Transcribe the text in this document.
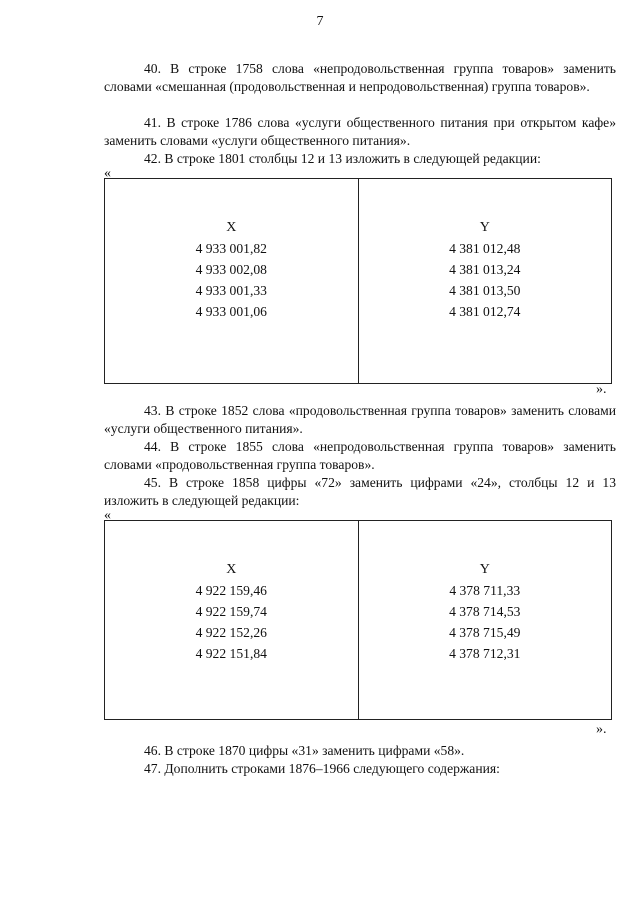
7

40. В строке 1758 слова «непродовольственная группа товаров» заменить словами «смешанная (продовольственная и непродовольственная) группа товаров».

41. В строке 1786 слова «услуги общественного питания при открытом кафе» заменить словами «услуги общественного питания».

42. В строке 1801 столбцы 12 и 13 изложить в следующей редакции:

«
X
4 933 001,82
4 933 002,08
4 933 001,33
4 933 001,06
Y
4 381 012,48
4 381 013,24
4 381 013,50
4 381 012,74
».

43. В строке 1852 слова «продовольственная группа товаров» заменить словами «услуги общественного питания».

44. В строке 1855 слова «непродовольственная группа товаров» заменить словами «продовольственная группа товаров».

45. В строке 1858 цифры «72» заменить цифрами «24», столбцы 12 и 13 изложить в следующей редакции:

«
X
4 922 159,46
4 922 159,74
4 922 152,26
4 922 151,84
Y
4 378 711,33
4 378 714,53
4 378 715,49
4 378 712,31
».

46. В строке 1870 цифры «31» заменить цифрами «58».

47. Дополнить строками 1876–1966 следующего содержания:
